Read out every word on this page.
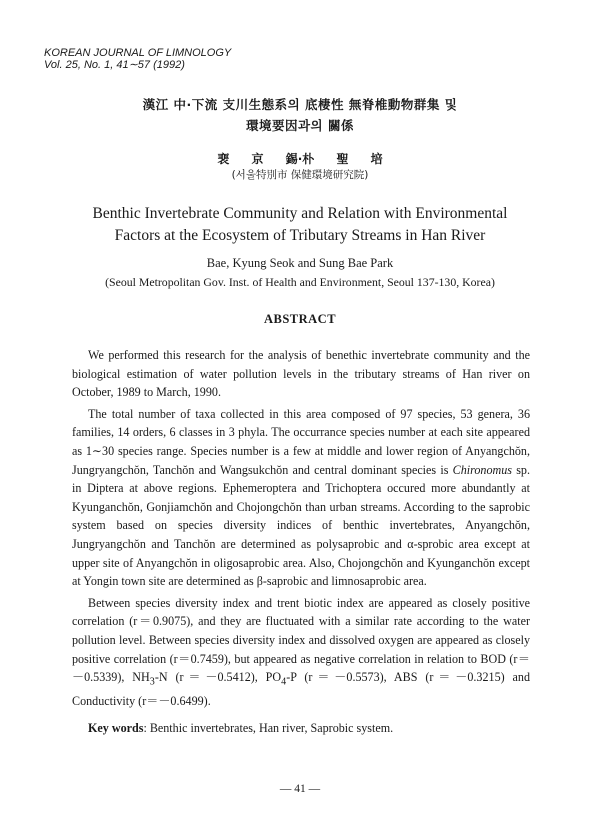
KOREAN JOURNAL OF LIMNOLOGY
Vol. 25, No. 1, 41∼57 (1992)
漢江 中·下流 支川生態系의 底棲性 無脊椎動物群集 및
環境要因과의 關係
裵 京 錫·朴 聖 培
(서울特別市 保健環境研究院)
Benthic Invertebrate Community and Relation with Environmental
Factors at the Ecosystem of Tributary Streams in Han River
Bae, Kyung Seok and Sung Bae Park
(Seoul Metropolitan Gov. Inst. of Health and Environment, Seoul 137-130, Korea)
ABSTRACT

We performed this research for the analysis of benethic invertebrate community and the biological estimation of water pollution levels in the tributary streams of Han river on October, 1989 to March, 1990.

The total number of taxa collected in this area composed of 97 species, 53 genera, 36 families, 14 orders, 6 classes in 3 phyla. The occurrance species number at each site appeared as 1∼30 species range. Species number is a few at middle and lower region of Anyangchŏn, Jungryangchŏn, Tanchŏn and Wangsukchŏn and central dominant species is Chironomus sp. in Diptera at above regions. Ephemeroptera and Trichoptera occured more abundantly at Kyunganchŏn, Gonjiamchŏn and Chojongchŏn than urban streams. According to the saprobic system based on species diversity indices of benthic invertebrates, Anyangchŏn, Jungryangchŏn and Tanchŏn are determined as polysaprobic and α-sprobic area except at upper site of Anyangchŏn in oligosaprobic area. Also, Chojongchŏn and Kyunganchŏn except at Yongin town site are determined as β-saprobic and limnosaprobic area.

Between species diversity index and trent biotic index are appeared as closely positive correlation (r＝0.9075), and they are fluctuated with a similar rate according to the water pollution level. Between species diversity index and dissolved oxygen are appeared as closely positive correlation (r＝0.7459), but appeared as negative correlation in relation to BOD (r＝－0.5339), $NH_3-N$ (r＝－0.5412), $PO_4-P$ (r＝－0.5573), ABS (r＝－0.3215) and Conductivity (r＝－0.6499).

Key words: Benthic invertebrates, Han river, Saprobic system.
— 41 —
